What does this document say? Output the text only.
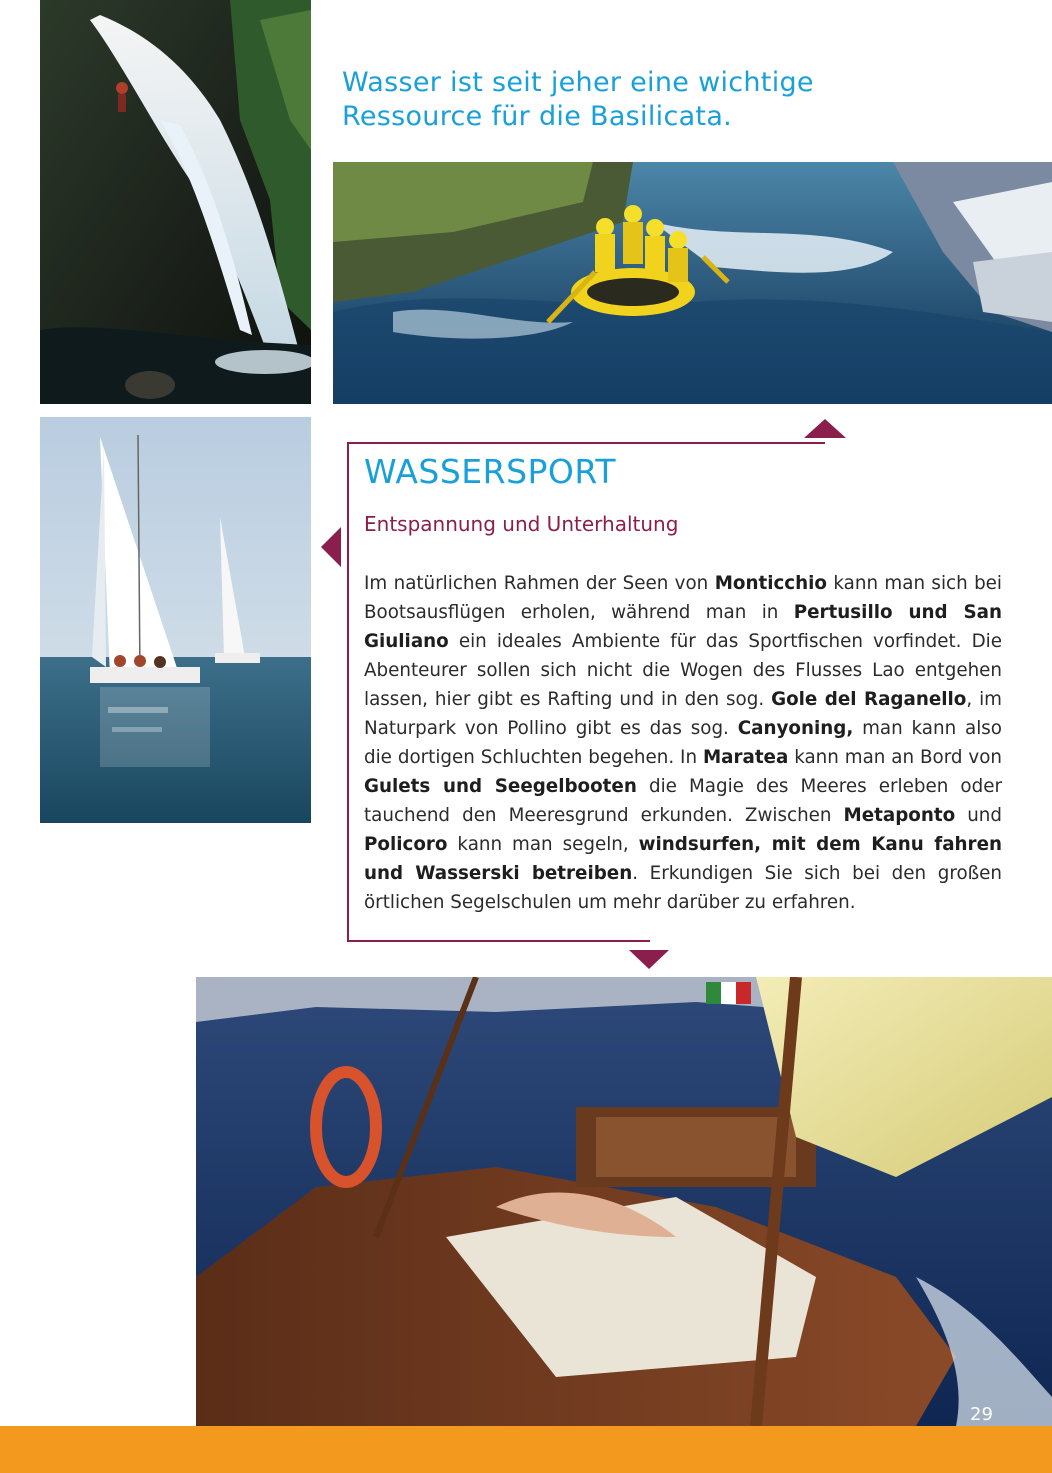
Wasser ist seit jeher eine wichtige
Ressource für die Basilicata.

WASSERSPORT
Entspannung und Unterhaltung

Im natürlichen Rahmen der Seen von Monticchio kann man sich bei Bootsausflügen erholen, während man in Pertusillo und San Giuliano ein ideales Ambiente für das Sportfischen vorfindet. Die Abenteurer sollen sich nicht die Wogen des Flusses Lao entgehen lassen, hier gibt es Rafting und in den sog. Gole del Raganello, im Naturpark von Pollino gibt es das sog. Canyoning, man kann also die dortigen Schluchten begehen. In Maratea kann man an Bord von Gulets und Seegelbooten die Magie des Meeres erleben oder tauchend den Meeresgrund erkunden. Zwischen Metaponto und Policoro kann man segeln, windsurfen, mit dem Kanu fahren und Wasserski betreiben. Erkundigen Sie sich bei den großen örtlichen Segelschulen um mehr darüber zu erfahren.

29
